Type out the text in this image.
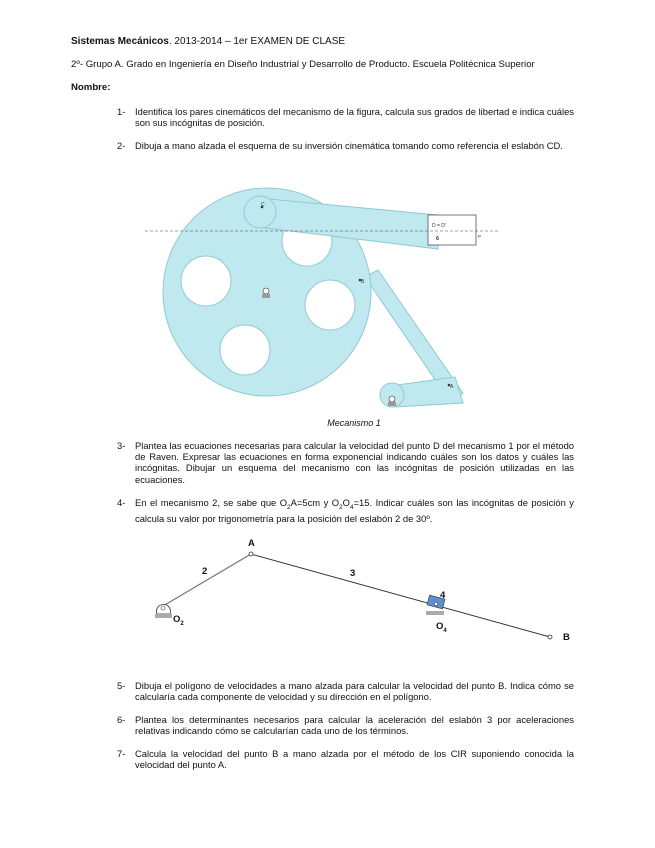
Sistemas Mecánicos. 2013-2014 – 1er EXAMEN DE CLASE
2º- Grupo A. Grado en Ingeniería en Diseño Industrial y Desarrollo de Producto. Escuela Politécnica Superior
Nombre:
1-	Identifica los pares cinemáticos del mecanismo de la figura, calcula sus grados de libertad e indica cuáles son sus incógnitas de posición.
2-	Dibuja a mano alzada el esquema de su inversión cinemática tomando como referencia el eslabón CD.
C
D = D'
6	P
B
A
Mecanismo 1
3-	Plantea las ecuaciones necesarias para calcular la velocidad del punto D del mecanismo 1 por el método de Raven. Expresar las ecuaciones en forma exponencial indicando cuáles son los datos y cuáles las incógnitas. Dibujar un esquema del mecanismo con las incógnitas de posición utilizadas en las ecuaciones.
4-	En el mecanismo 2, se sabe que $O_2A=5cm$ y $O_2O_4=15$. Indicar cuáles son las incógnitas de posición y calcula su valor por trigonometría para la posición del eslabón 2 de 30º.
A
2	3
4
B
$O_2$	$O_4$
5-	Dibuja el polígono de velocidades a mano alzada para calcular la velocidad del punto B. Indica cómo se calcularía cada componente de velocidad y su dirección en el polígono.
6-	Plantea los determinantes necesarios para calcular la aceleración del eslabón 3 por aceleraciones relativas indicando cómo se calcularían cada uno de los términos.
7-	Calcula la velocidad del punto B a mano alzada por el método de los CIR suponiendo conocida la velocidad del punto A.
